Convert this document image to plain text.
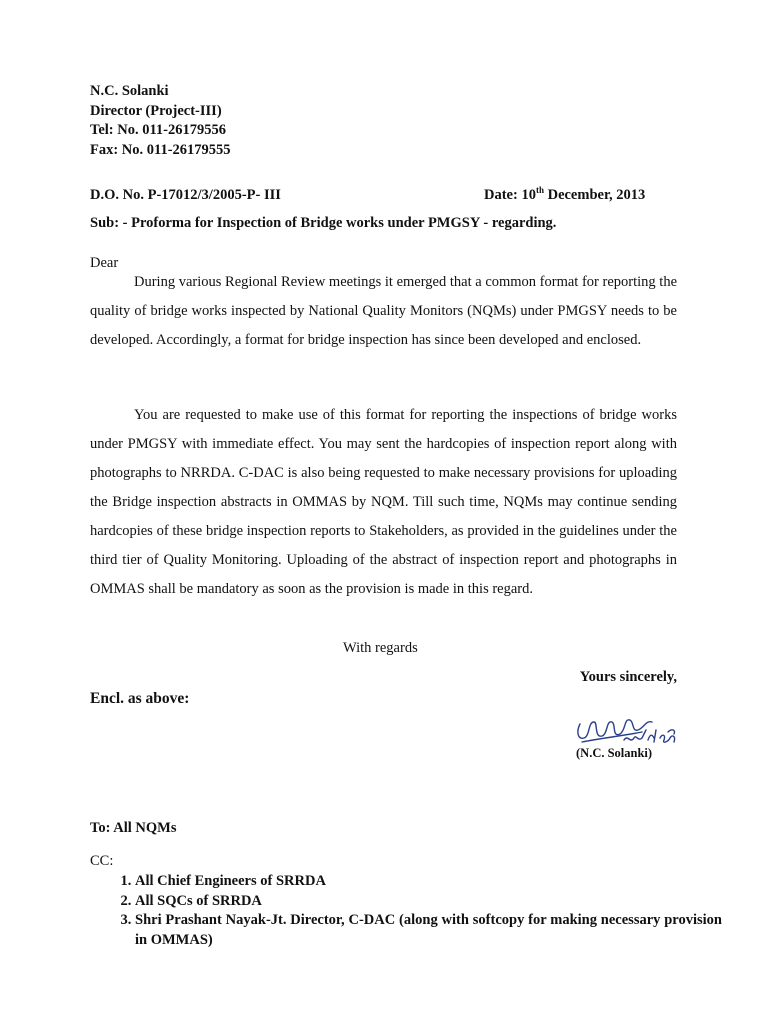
N.C. Solanki
Director (Project-III)
Tel: No. 011-26179556
Fax: No. 011-26179555
D.O. No. P-17012/3/2005-P- III	Date: 10th December, 2013
Sub: - Proforma for Inspection of Bridge works under PMGSY - regarding.
Dear
During various Regional Review meetings it emerged that a common format for reporting the quality of bridge works inspected by National Quality Monitors (NQMs) under PMGSY needs to be developed. Accordingly, a format for bridge inspection has since been developed and enclosed.
You are requested to make use of this format for reporting the inspections of bridge works under PMGSY with immediate effect. You may sent the hardcopies of inspection report along with photographs to NRRDA. C-DAC is also being requested to make necessary provisions for uploading the Bridge inspection abstracts in OMMAS by NQM. Till such time, NQMs may continue sending hardcopies of these bridge inspection reports to Stakeholders, as provided in the guidelines under the third tier of Quality Monitoring. Uploading of the abstract of inspection report and photographs in OMMAS shall be mandatory as soon as the provision is made in this regard.
With regards
Yours sincerely,
Encl. as above:
(N.C. Solanki)
To: All NQMs
CC:
1. All Chief Engineers of SRRDA
2. All SQCs of SRRDA
3. Shri Prashant Nayak-Jt. Director, C-DAC (along with softcopy for making necessary provision in OMMAS)
